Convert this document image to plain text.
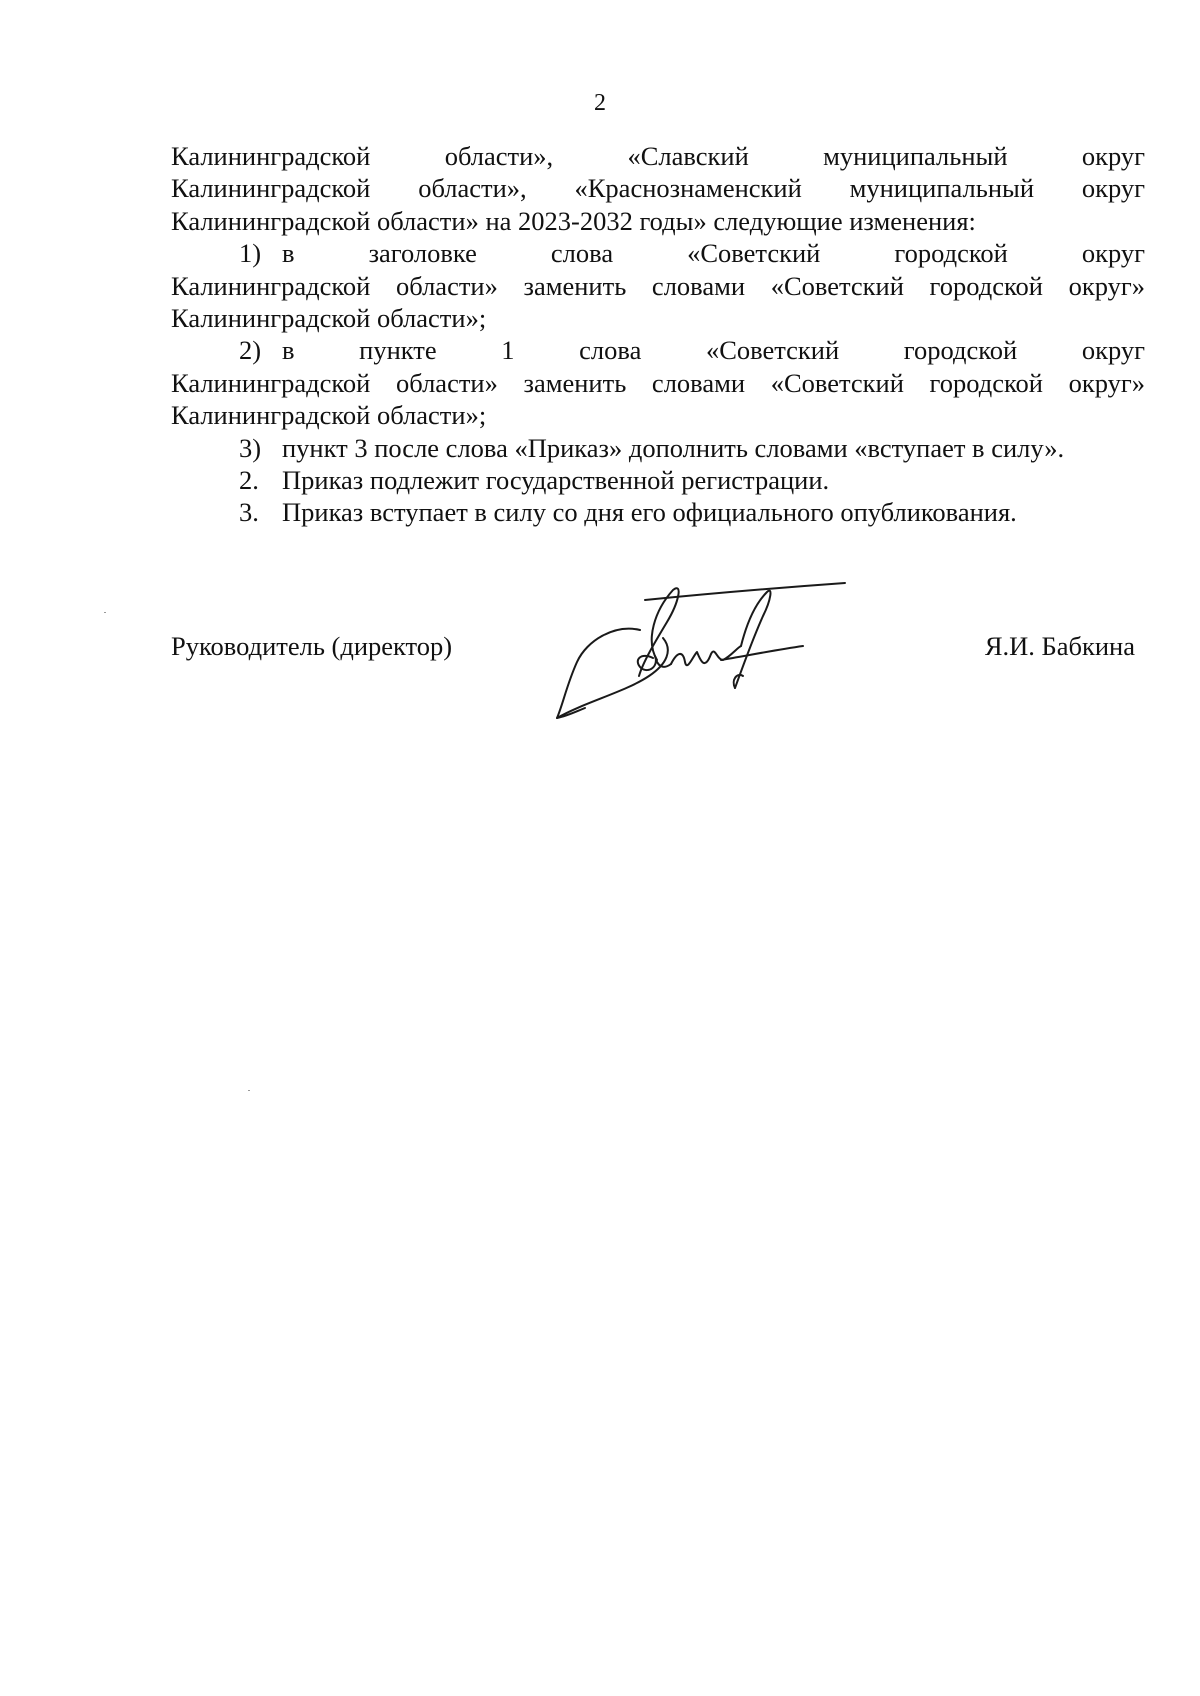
2
Калининградской области», «Славский муниципальный округ
Калининградской области», «Краснознаменский муниципальный округ
Калининградской области» на 2023-2032 годы» следующие изменения:
1) в заголовке слова «Советский городской округ
Калининградской области» заменить словами «Советский городской округ»
Калининградской области»;
2) в пункте 1 слова «Советский городской округ
Калининградской области» заменить словами «Советский городской округ»
Калининградской области»;
3) пункт 3 после слова «Приказ» дополнить словами «вступает в силу».
2. Приказ подлежит государственной регистрации.
3. Приказ вступает в силу со дня его официального опубликования.
Руководитель (директор)	Я.И. Бабкина
